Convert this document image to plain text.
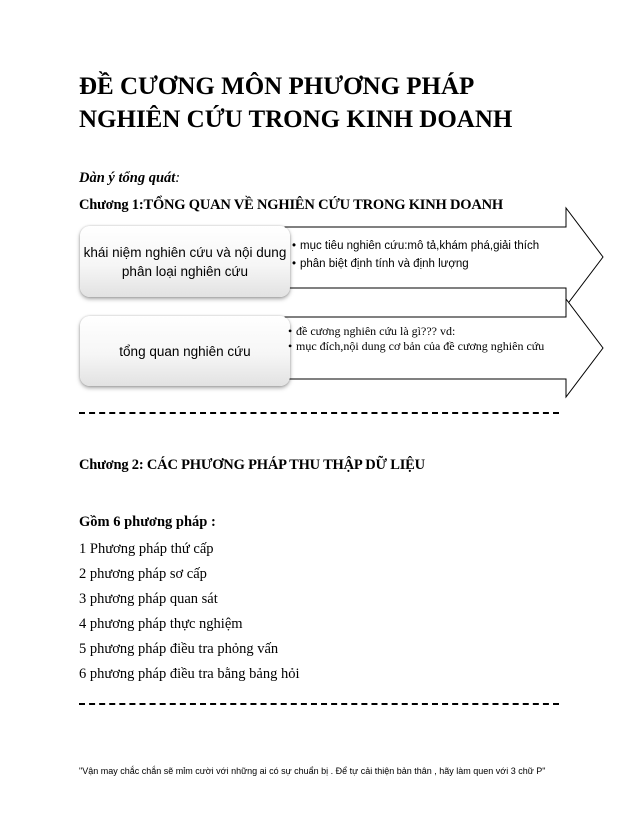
ĐỀ CƯƠNG MÔN PHƯƠNG PHÁP
NGHIÊN CỨU TRONG KINH DOANH
Dàn ý tổng quát:
Chương 1:TỔNG QUAN VỀ NGHIÊN CỨU TRONG KINH DOANH
khái niệm nghiên cứu và nội dung phân loại nghiên cứu
• mục tiêu nghiên cứu:mô tả,khám phá,giải thích
• phân biệt định tính và định lượng
tổng quan nghiên cứu
• đề cương nghiên cứu là gì??? vd:
• mục đích,nội dung cơ bản của đề cương nghiên cứu
Chương 2: CÁC PHƯƠNG PHÁP THU THẬP DỮ LIỆU
Gồm 6 phương pháp :
1 Phương pháp thứ cấp
2 phương pháp sơ cấp
3 phương pháp quan sát
4 phương pháp thực nghiệm
5 phương pháp điều tra phỏng vấn
6 phương pháp điều tra bằng bảng hỏi
"Vận may chắc chắn sẽ mỉm cười với những ai có sự chuẩn bị . Để tự cải thiện bản thân , hãy làm quen với 3 chữ P"
